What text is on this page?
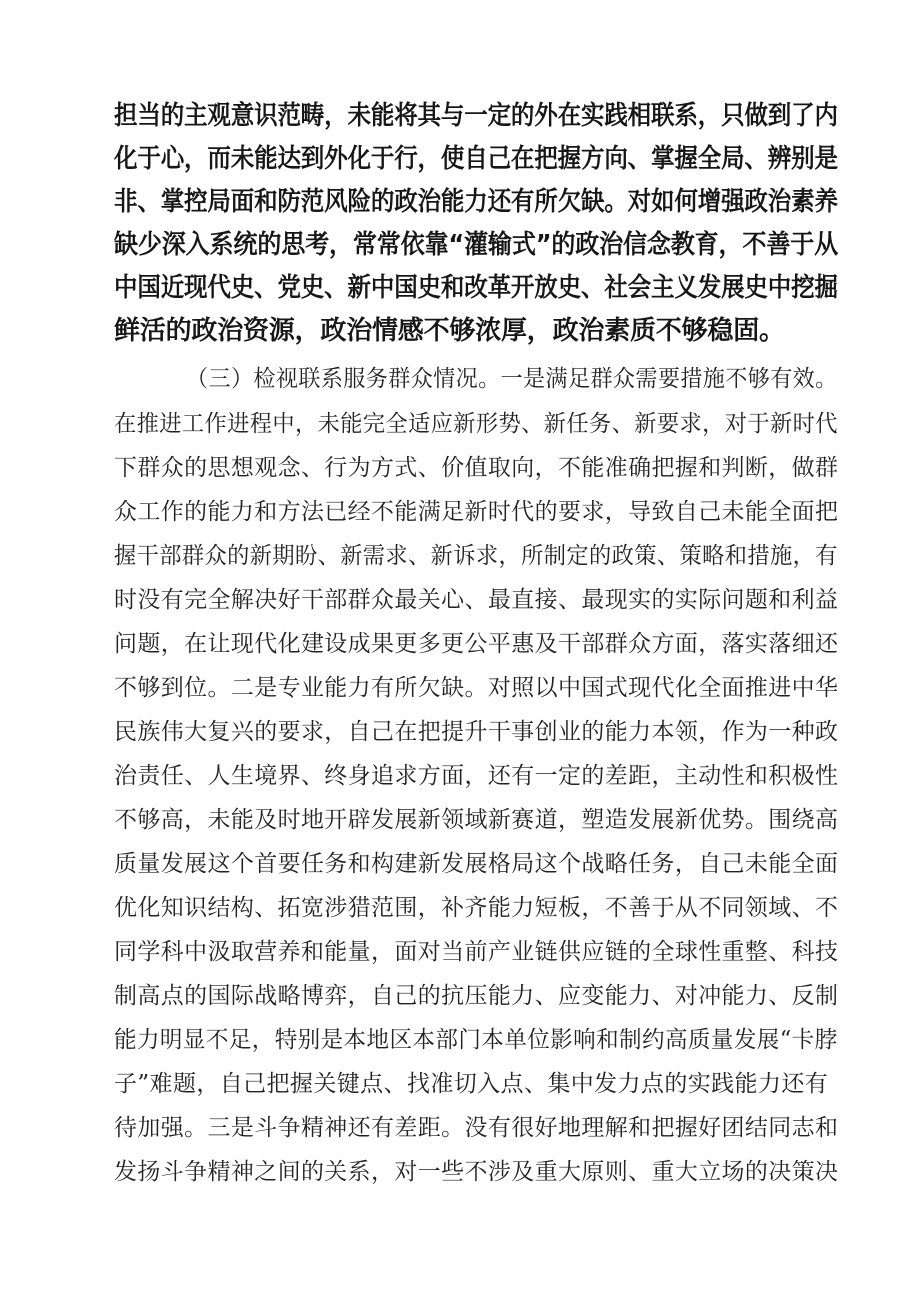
担当的主观意识范畴，未能将其与一定的外在实践相联系，只做到了内
化于心，而未能达到外化于行，使自己在把握方向、掌握全局、辨别是
非、掌控局面和防范风险的政治能力还有所欠缺。对如何增强政治素养
缺少深入系统的思考，常常依靠“灌输式”的政治信念教育，不善于从
中国近现代史、党史、新中国史和改革开放史、社会主义发展史中挖掘
鲜活的政治资源，政治情感不够浓厚，政治素质不够稳固。
（三）检视联系服务群众情况。一是满足群众需要措施不够有效。
在推进工作进程中，未能完全适应新形势、新任务、新要求，对于新时代
下群众的思想观念、行为方式、价值取向，不能准确把握和判断，做群
众工作的能力和方法已经不能满足新时代的要求，导致自己未能全面把
握干部群众的新期盼、新需求、新诉求，所制定的政策、策略和措施，有
时没有完全解决好干部群众最关心、最直接、最现实的实际问题和利益
问题，在让现代化建设成果更多更公平惠及干部群众方面，落实落细还
不够到位。二是专业能力有所欠缺。对照以中国式现代化全面推进中华
民族伟大复兴的要求，自己在把提升干事创业的能力本领，作为一种政
治责任、人生境界、终身追求方面，还有一定的差距，主动性和积极性
不够高，未能及时地开辟发展新领域新赛道，塑造发展新优势。围绕高
质量发展这个首要任务和构建新发展格局这个战略任务，自己未能全面
优化知识结构、拓宽涉猎范围，补齐能力短板，不善于从不同领域、不
同学科中汲取营养和能量，面对当前产业链供应链的全球性重整、科技
制高点的国际战略博弈，自己的抗压能力、应变能力、对冲能力、反制
能力明显不足，特别是本地区本部门本单位影响和制约高质量发展“卡脖
子”难题，自己把握关键点、找准切入点、集中发力点的实践能力还有
待加强。三是斗争精神还有差距。没有很好地理解和把握好团结同志和
发扬斗争精神之间的关系，对一些不涉及重大原则、重大立场的决策决
